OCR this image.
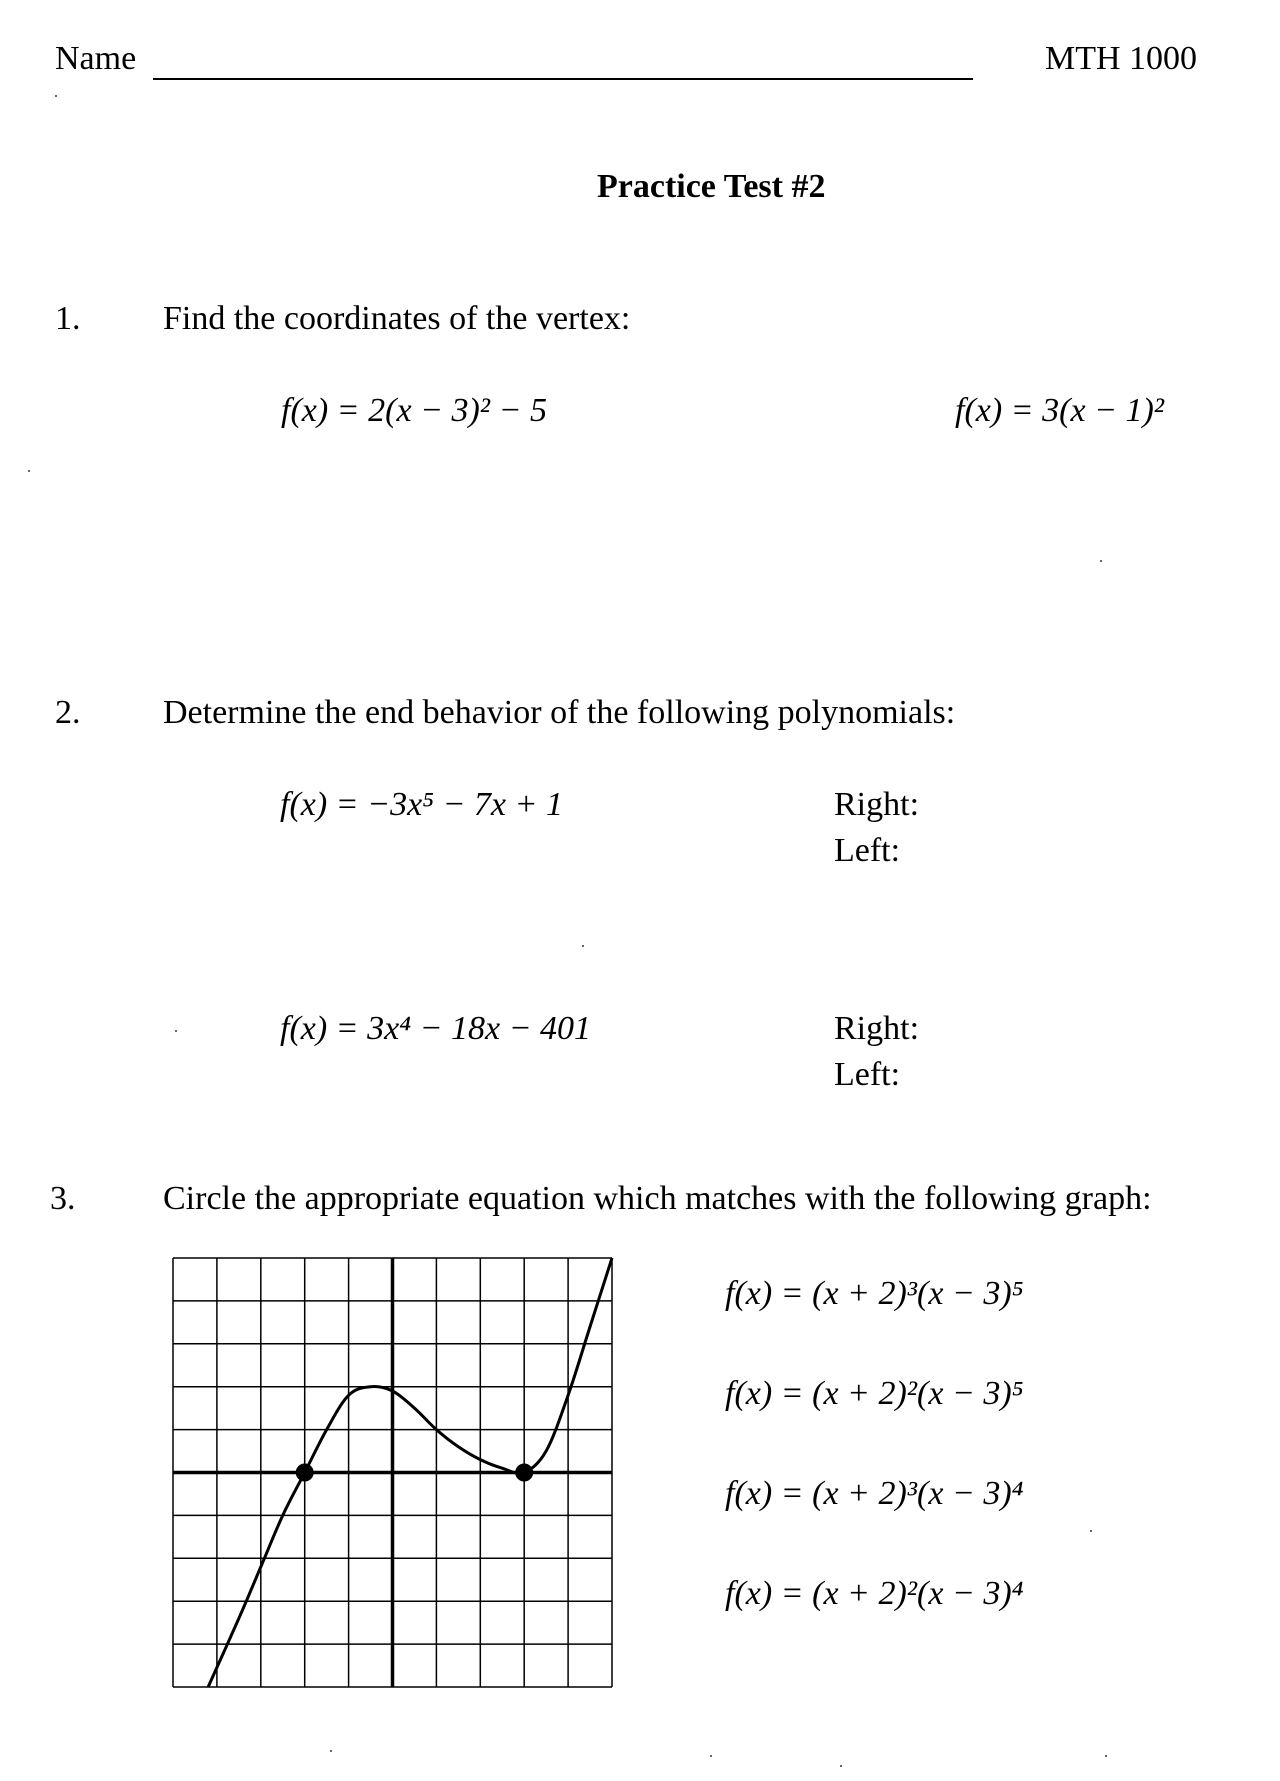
Name	MTH 1000
Practice Test #2
1. Find the coordinates of the vertex:
f(x) = 2(x − 3)² − 5	f(x) = 3(x − 1)²
2. Determine the end behavior of the following polynomials:
f(x) = −3x⁵ − 7x + 1	Right:
Left:
f(x) = 3x⁴ − 18x − 401	Right:
Left:
3.	Circle the appropriate equation which matches with the following graph:
f(x) = (x + 2)³(x − 3)⁵
f(x) = (x + 2)²(x − 3)⁵
f(x) = (x + 2)³(x − 3)⁴
f(x) = (x + 2)²(x − 3)⁴
